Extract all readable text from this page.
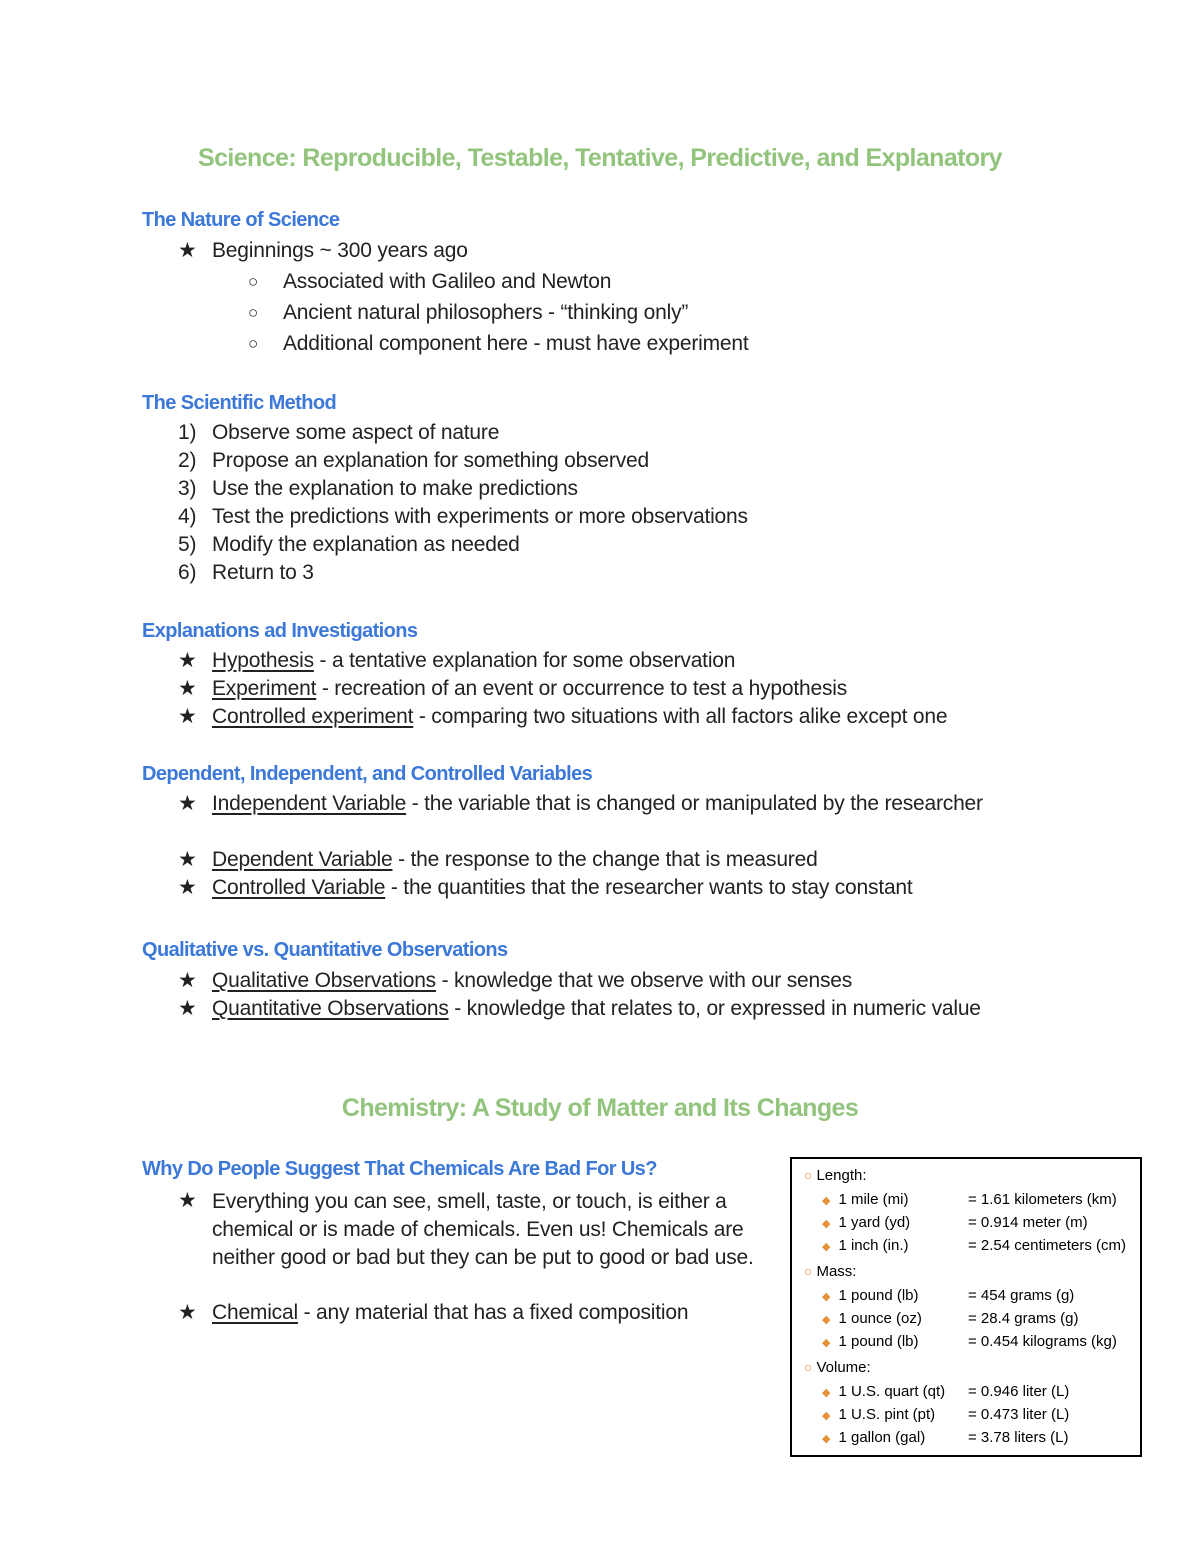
Science: Reproducible, Testable, Tentative, Predictive, and Explanatory
The Nature of Science
★ Beginnings ~ 300 years ago
○ Associated with Galileo and Newton
○ Ancient natural philosophers - “thinking only”
○ Additional component here - must have experiment
The Scientific Method
1) Observe some aspect of nature
2) Propose an explanation for something observed
3) Use the explanation to make predictions
4) Test the predictions with experiments or more observations
5) Modify the explanation as needed
6) Return to 3
Explanations ad Investigations
★ Hypothesis - a tentative explanation for some observation
★ Experiment - recreation of an event or occurrence to test a hypothesis
★ Controlled experiment - comparing two situations with all factors alike except one
Dependent, Independent, and Controlled Variables
★ Independent Variable - the variable that is changed or manipulated by the researcher
★ Dependent Variable - the response to the change that is measured
★ Controlled Variable - the quantities that the researcher wants to stay constant
Qualitative vs. Quantitative Observations
★ Qualitative Observations - knowledge that we observe with our senses
★ Quantitative Observations - knowledge that relates to, or expressed in numeric value
Chemistry: A Study of Matter and Its Changes
Why Do People Suggest That Chemicals Are Bad For Us?
★ Everything you can see, smell, taste, or touch, is either a chemical or is made of chemicals. Even us! Chemicals are neither good or bad but they can be put to good or bad use.
★ Chemical - any material that has a fixed composition
○ Length:
◆ 1 mile (mi)	= 1.61 kilometers (km)
◆ 1 yard (yd)	= 0.914 meter (m)
◆ 1 inch (in.)	= 2.54 centimeters (cm)
○ Mass:
◆ 1 pound (lb)	= 454 grams (g)
◆ 1 ounce (oz)	= 28.4 grams (g)
◆ 1 pound (lb)	= 0.454 kilograms (kg)
○ Volume:
◆ 1 U.S. quart (qt) = 0.946 liter (L)
◆ 1 U.S. pint (pt) = 0.473 liter (L)
◆ 1 gallon (gal)	= 3.78 liters (L)
